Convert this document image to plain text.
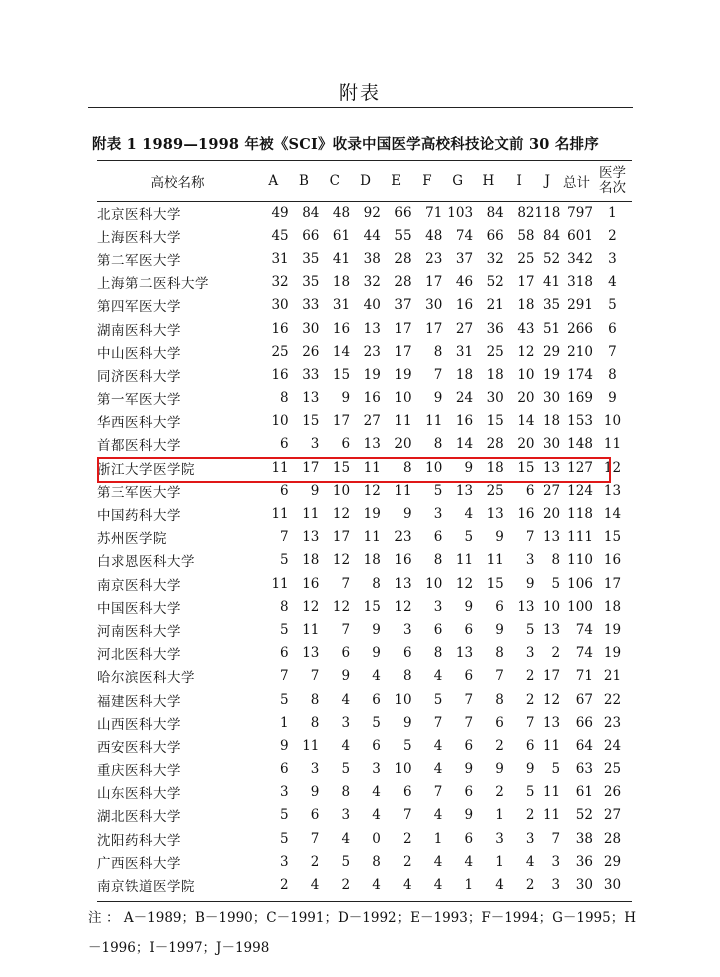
附表
附表 1 1989—1998 年被《SCI》收录中国医学高校科技论文前 30 名排序
高校名称	A	B	C	D	E	F	G	H	I	J	总计	医学
名次
北京医科大学	49	84	48	92	66	71	103	84	82	118	797	1
上海医科大学	45	66	61	44	55	48	74	66	58	84	601	2
第二军医大学	31	35	41	38	28	23	37	32	25	52	342	3
上海第二医科大学	32	35	18	32	28	17	46	52	17	41	318	4
第四军医大学	30	33	31	40	37	30	16	21	18	35	291	5
湖南医科大学	16	30	16	13	17	17	27	36	43	51	266	6
中山医科大学	25	26	14	23	17	8	31	25	12	29	210	7
同济医科大学	16	33	15	19	19	7	18	18	10	19	174	8
第一军医大学	8	13	9	16	10	9	24	30	20	30	169	9
华西医科大学	10	15	17	27	11	11	16	15	14	18	153	10
首都医科大学	6	3	6	13	20	8	14	28	20	30	148	11
浙江大学医学院	11	17	15	11	8	10	9	18	15	13	127	12
第三军医大学	6	9	10	12	11	5	13	25	6	27	124	13
中国药科大学	11	11	12	19	9	3	4	13	16	20	118	14
苏州医学院	7	13	17	11	23	6	5	9	7	13	111	15
白求恩医科大学	5	18	12	18	16	8	11	11	3	8	110	16
南京医科大学	11	16	7	8	13	10	12	15	9	5	106	17
中国医科大学	8	12	12	15	12	3	9	6	13	10	100	18
河南医科大学	5	11	7	9	3	6	6	9	5	13	74	19
河北医科大学	6	13	6	9	6	8	13	8	3	2	74	19
哈尔滨医科大学	7	7	9	4	8	4	6	7	2	17	71	21
福建医科大学	5	8	4	6	10	5	7	8	2	12	67	22
山西医科大学	1	8	3	5	9	7	7	6	7	13	66	23
西安医科大学	9	11	4	6	5	4	6	2	6	11	64	24
重庆医科大学	6	3	5	3	10	4	9	9	9	5	63	25
山东医科大学	3	9	8	4	6	7	6	2	5	11	61	26
湖北医科大学	5	6	3	4	7	4	9	1	2	11	52	27
沈阳药科大学	5	7	4	0	2	1	6	3	3	7	38	28
广西医科大学	3	2	5	8	2	4	4	1	4	3	36	29
南京铁道医学院	2	4	2	4	4	4	1	4	2	3	30	30
注：A－1989；B－1990；C－1991；D－1992；E－1993；F－1994；G－1995；H－1996；I－1997；J－1998
